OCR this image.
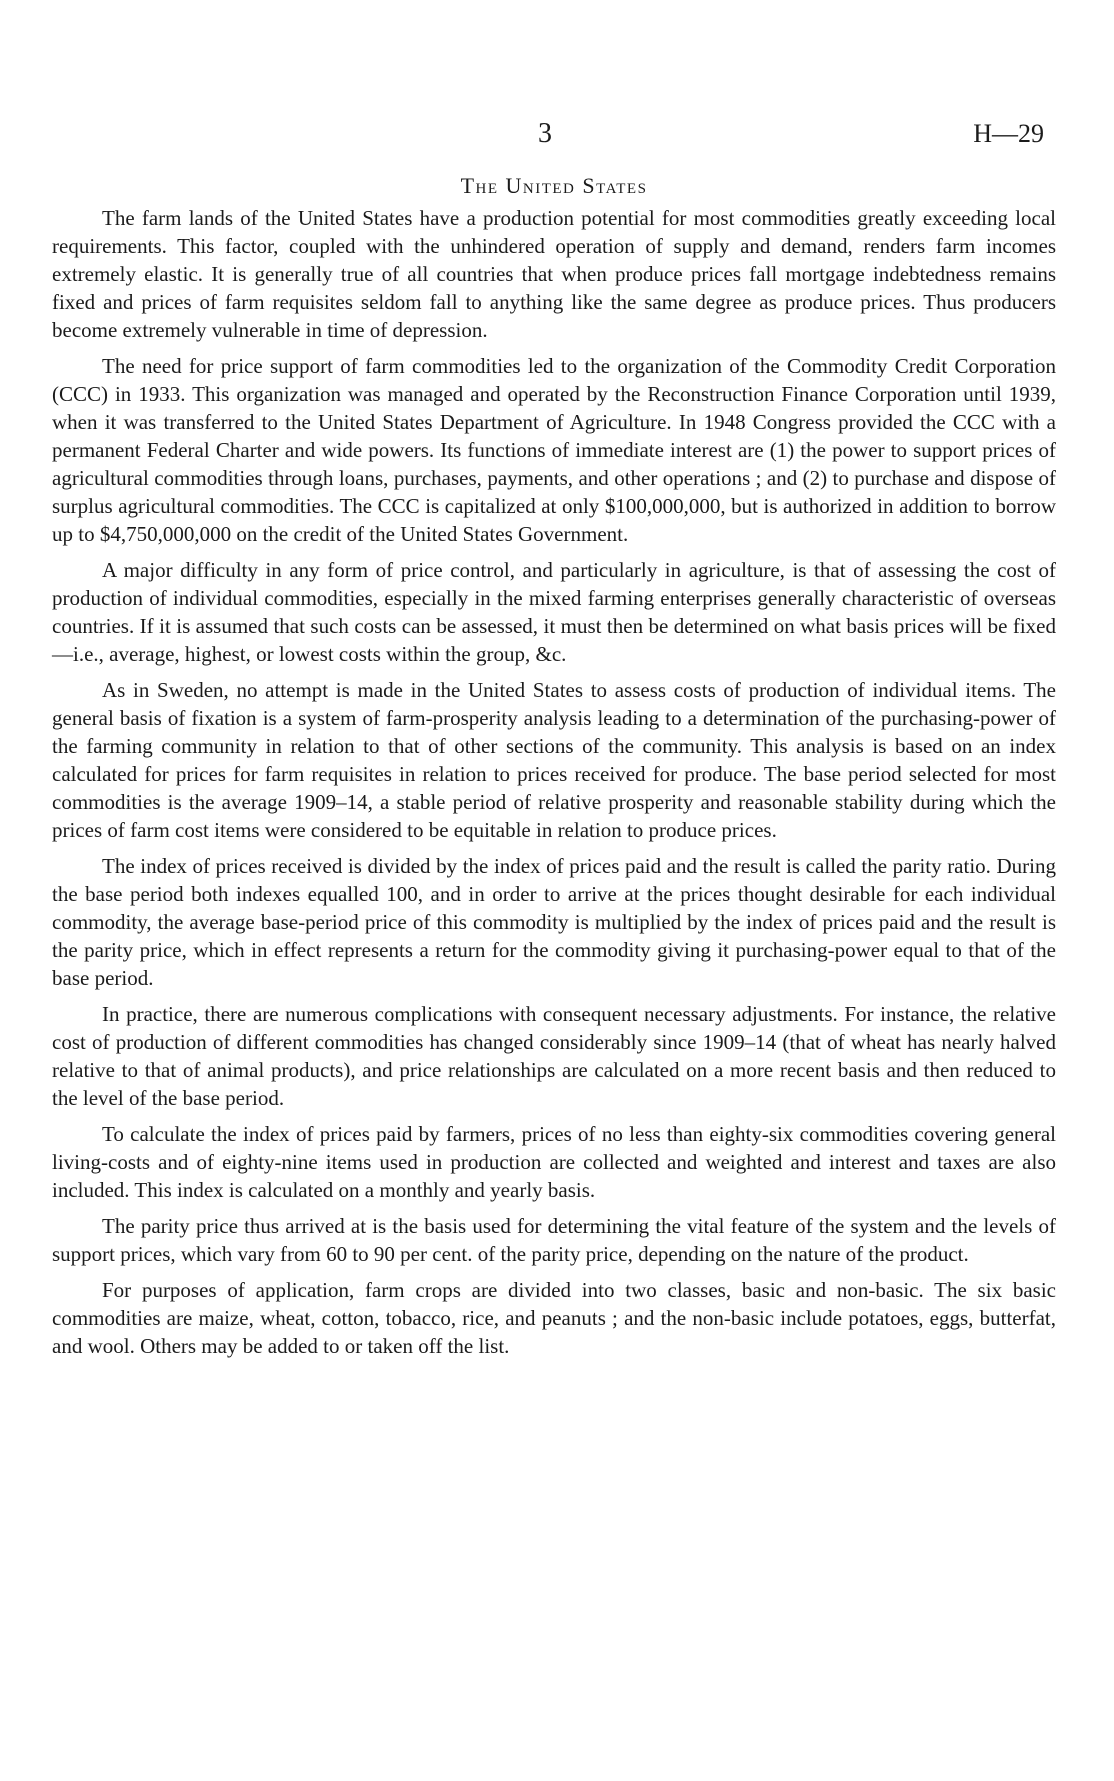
3	H—29
The United States

The farm lands of the United States have a production potential for most commodities greatly exceeding local requirements. This factor, coupled with the unhindered operation of supply and demand, renders farm incomes extremely elastic. It is generally true of all countries that when produce prices fall mortgage indebtedness remains fixed and prices of farm requisites seldom fall to anything like the same degree as produce prices. Thus producers become extremely vulnerable in time of depression.

The need for price support of farm commodities led to the organization of the Commodity Credit Corporation (CCC) in 1933. This organization was managed and operated by the Reconstruction Finance Corporation until 1939, when it was transferred to the United States Department of Agriculture. In 1948 Congress provided the CCC with a permanent Federal Charter and wide powers. Its functions of immediate interest are (1) the power to support prices of agricultural commodities through loans, purchases, payments, and other operations ; and (2) to purchase and dispose of surplus agricultural commodities. The CCC is capitalized at only $100,000,000, but is authorized in addition to borrow up to $4,750,000,000 on the credit of the United States Government.

A major difficulty in any form of price control, and particularly in agriculture, is that of assessing the cost of production of individual commodities, especially in the mixed farming enterprises generally characteristic of overseas countries. If it is assumed that such costs can be assessed, it must then be determined on what basis prices will be fixed—i.e., average, highest, or lowest costs within the group, &c.

As in Sweden, no attempt is made in the United States to assess costs of production of individual items. The general basis of fixation is a system of farm-prosperity analysis leading to a determination of the purchasing-power of the farming community in relation to that of other sections of the community. This analysis is based on an index calculated for prices for farm requisites in relation to prices received for produce. The base period selected for most commodities is the average 1909–14, a stable period of relative prosperity and reasonable stability during which the prices of farm cost items were considered to be equitable in relation to produce prices.

The index of prices received is divided by the index of prices paid and the result is called the parity ratio. During the base period both indexes equalled 100, and in order to arrive at the prices thought desirable for each individual commodity, the average base-period price of this commodity is multiplied by the index of prices paid and the result is the parity price, which in effect represents a return for the commodity giving it purchasing-power equal to that of the base period.

In practice, there are numerous complications with consequent necessary adjustments. For instance, the relative cost of production of different commodities has changed considerably since 1909–14 (that of wheat has nearly halved relative to that of animal products), and price relationships are calculated on a more recent basis and then reduced to the level of the base period.

To calculate the index of prices paid by farmers, prices of no less than eighty-six commodities covering general living-costs and of eighty-nine items used in production are collected and weighted and interest and taxes are also included. This index is calculated on a monthly and yearly basis.

The parity price thus arrived at is the basis used for determining the vital feature of the system and the levels of support prices, which vary from 60 to 90 per cent. of the parity price, depending on the nature of the product.

For purposes of application, farm crops are divided into two classes, basic and non-basic. The six basic commodities are maize, wheat, cotton, tobacco, rice, and peanuts ; and the non-basic include potatoes, eggs, butterfat, and wool. Others may be added to or taken off the list.
